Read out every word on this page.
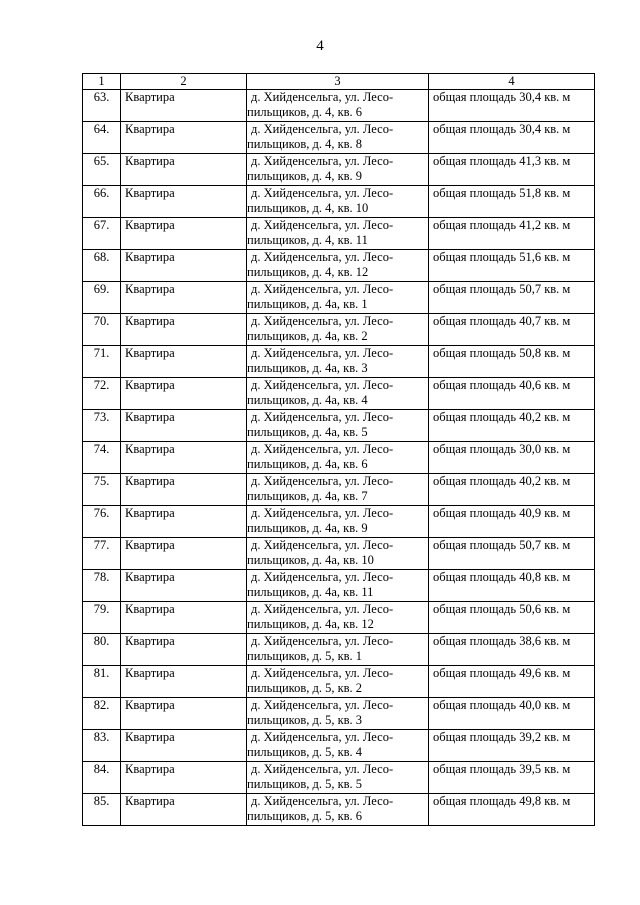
4
1	2	3	4
63.	Квартира	д. Хийденсельга, ул. Лесо-
пильщиков, д. 4, кв. 6	общая площадь 30,4 кв. м
64.	Квартира	д. Хийденсельга, ул. Лесо-
пильщиков, д. 4, кв. 8	общая площадь 30,4 кв. м
65.	Квартира	д. Хийденсельга, ул. Лесо-
пильщиков, д. 4, кв. 9	общая площадь 41,3 кв. м
66.	Квартира	д. Хийденсельга, ул. Лесо-
пильщиков, д. 4, кв. 10	общая площадь 51,8 кв. м
67.	Квартира	д. Хийденсельга, ул. Лесо-
пильщиков, д. 4, кв. 11	общая площадь 41,2 кв. м
68.	Квартира	д. Хийденсельга, ул. Лесо-
пильщиков, д. 4, кв. 12	общая площадь 51,6 кв. м
69.	Квартира	д. Хийденсельга, ул. Лесо-
пильщиков, д. 4а, кв. 1	общая площадь 50,7 кв. м
70.	Квартира	д. Хийденсельга, ул. Лесо-
пильщиков, д. 4а, кв. 2	общая площадь 40,7 кв. м
71.	Квартира	д. Хийденсельга, ул. Лесо-
пильщиков, д. 4а, кв. 3	общая площадь 50,8 кв. м
72.	Квартира	д. Хийденсельга, ул. Лесо-
пильщиков, д. 4а, кв. 4	общая площадь 40,6 кв. м
73.	Квартира	д. Хийденсельга, ул. Лесо-
пильщиков, д. 4а, кв. 5	общая площадь 40,2 кв. м
74.	Квартира	д. Хийденсельга, ул. Лесо-
пильщиков, д. 4а, кв. 6	общая площадь 30,0 кв. м
75.	Квартира	д. Хийденсельга, ул. Лесо-
пильщиков, д. 4а, кв. 7	общая площадь 40,2 кв. м
76.	Квартира	д. Хийденсельга, ул. Лесо-
пильщиков, д. 4а, кв. 9	общая площадь 40,9 кв. м
77.	Квартира	д. Хийденсельга, ул. Лесо-
пильщиков, д. 4а, кв. 10	общая площадь 50,7 кв. м
78.	Квартира	д. Хийденсельга, ул. Лесо-
пильщиков, д. 4а, кв. 11	общая площадь 40,8 кв. м
79.	Квартира	д. Хийденсельга, ул. Лесо-
пильщиков, д. 4а, кв. 12	общая площадь 50,6 кв. м
80.	Квартира	д. Хийденсельга, ул. Лесо-
пильщиков, д. 5, кв. 1	общая площадь 38,6 кв. м
81.	Квартира	д. Хийденсельга, ул. Лесо-
пильщиков, д. 5, кв. 2	общая площадь 49,6 кв. м
82.	Квартира	д. Хийденсельга, ул. Лесо-
пильщиков, д. 5, кв. 3	общая площадь 40,0 кв. м
83.	Квартира	д. Хийденсельга, ул. Лесо-
пильщиков, д. 5, кв. 4	общая площадь 39,2 кв. м
84.	Квартира	д. Хийденсельга, ул. Лесо-
пильщиков, д. 5, кв. 5	общая площадь 39,5 кв. м
85.	Квартира	д. Хийденсельга, ул. Лесо-
пильщиков, д. 5, кв. 6	общая площадь 49,8 кв. м
